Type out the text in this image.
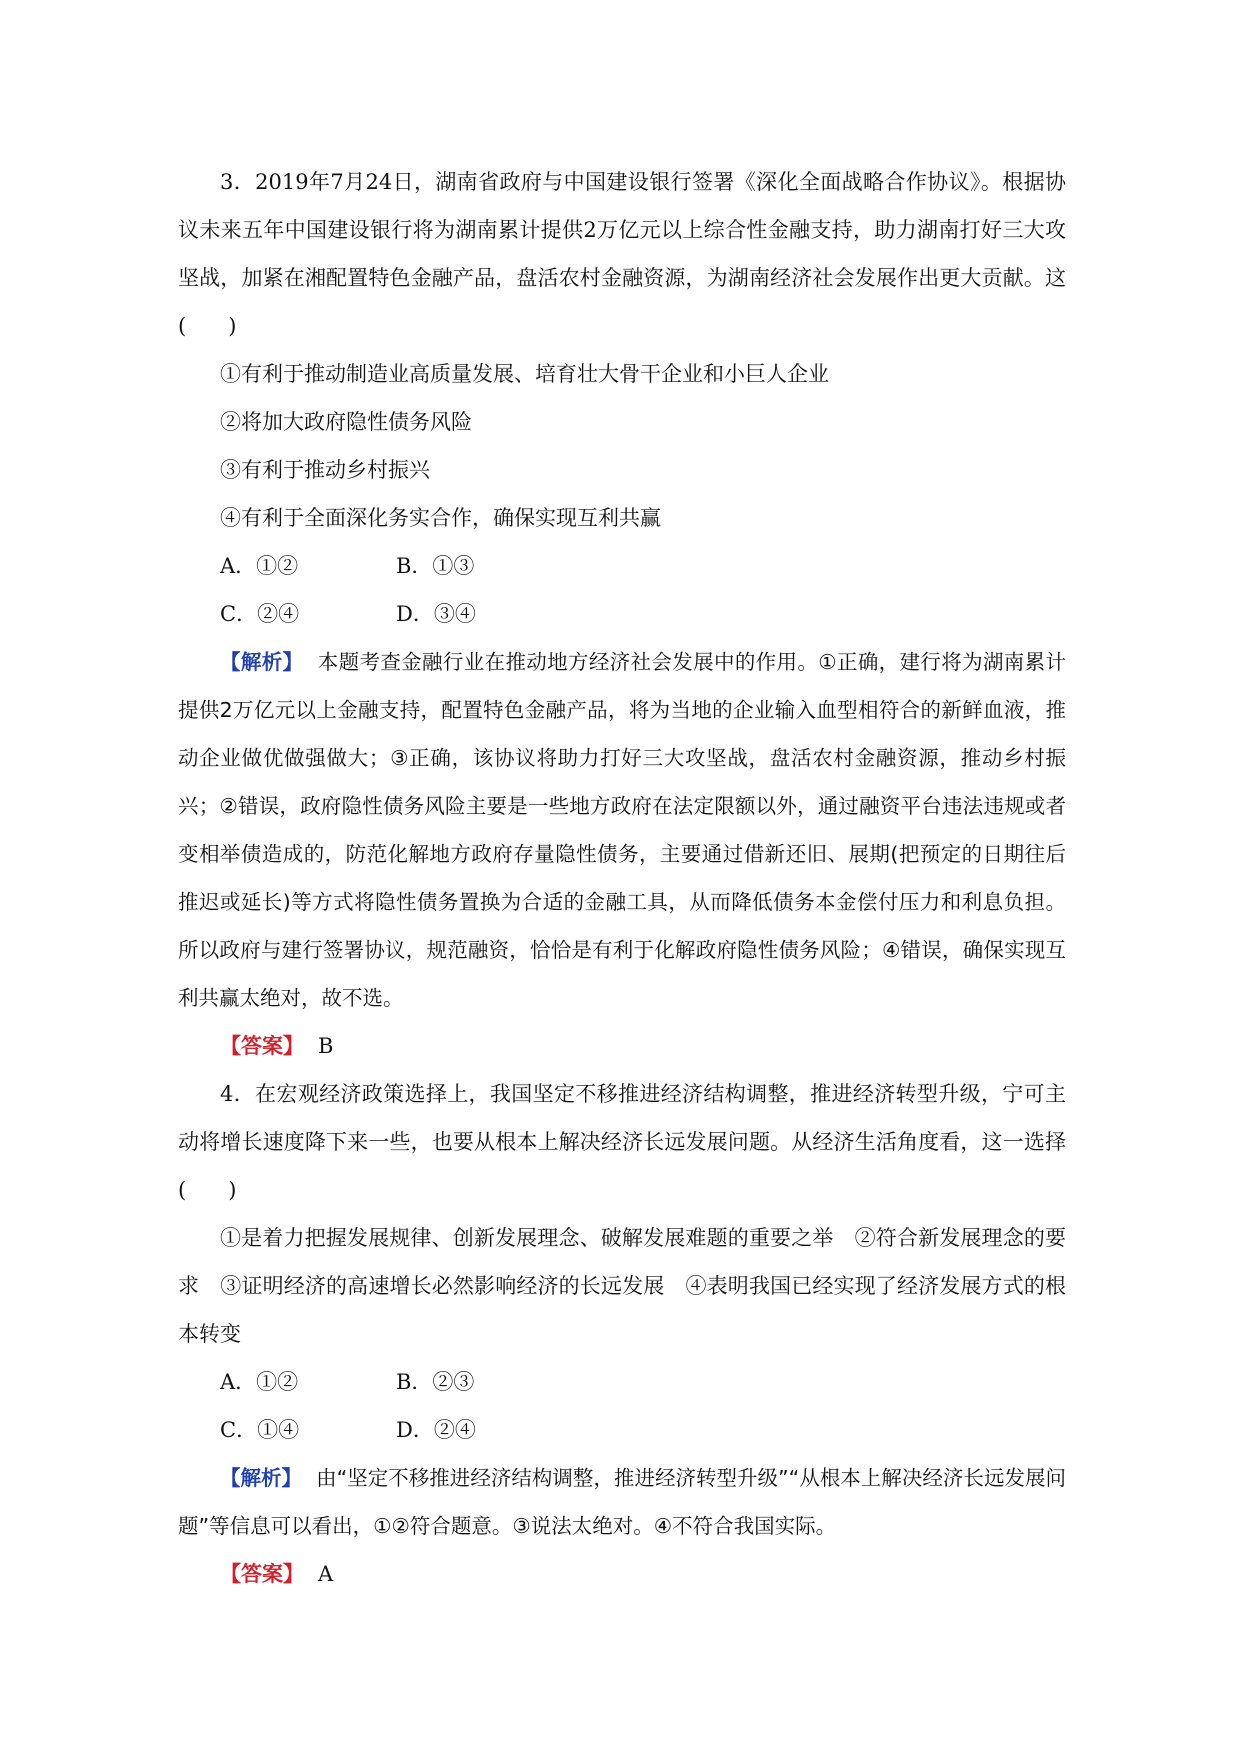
3．2019年7月24日，湖南省政府与中国建设银行签署《深化全面战略合作协议》。根据协议未来五年中国建设银行将为湖南累计提供2万亿元以上综合性金融支持，助力湖南打好三大攻坚战，加紧在湘配置特色金融产品，盘活农村金融资源，为湖南经济社会发展作出更大贡献。这(　　)

①有利于推动制造业高质量发展、培育壮大骨干企业和小巨人企业

②将加大政府隐性债务风险

③有利于推动乡村振兴

④有利于全面深化务实合作，确保实现互利共赢

A．①②	B．①③
C．②④	D．③④

【解析】 本题考查金融行业在推动地方经济社会发展中的作用。①正确，建行将为湖南累计提供2万亿元以上金融支持，配置特色金融产品，将为当地的企业输入血型相符合的新鲜血液，推动企业做优做强做大；③正确，该协议将助力打好三大攻坚战，盘活农村金融资源，推动乡村振兴；②错误，政府隐性债务风险主要是一些地方政府在法定限额以外，通过融资平台违法违规或者变相举债造成的，防范化解地方政府存量隐性债务，主要通过借新还旧、展期(把预定的日期往后推迟或延长)等方式将隐性债务置换为合适的金融工具，从而降低债务本金偿付压力和利息负担。所以政府与建行签署协议，规范融资，恰恰是有利于化解政府隐性债务风险；④错误，确保实现互利共赢太绝对，故不选。

【答案】 B

4．在宏观经济政策选择上，我国坚定不移推进经济结构调整，推进经济转型升级，宁可主动将增长速度降下来一些，也要从根本上解决经济长远发展问题。从经济生活角度看，这一选择(　　)

①是着力把握发展规律、创新发展理念、破解发展难题的重要之举　②符合新发展理念的要求　③证明经济的高速增长必然影响经济的长远发展　④表明我国已经实现了经济发展方式的根本转变

A．①②	B．②③
C．①④	D．②④

【解析】 由“坚定不移推进经济结构调整，推进经济转型升级”“从根本上解决经济长远发展问题”等信息可以看出，①②符合题意。③说法太绝对。④不符合我国实际。

【答案】 A
